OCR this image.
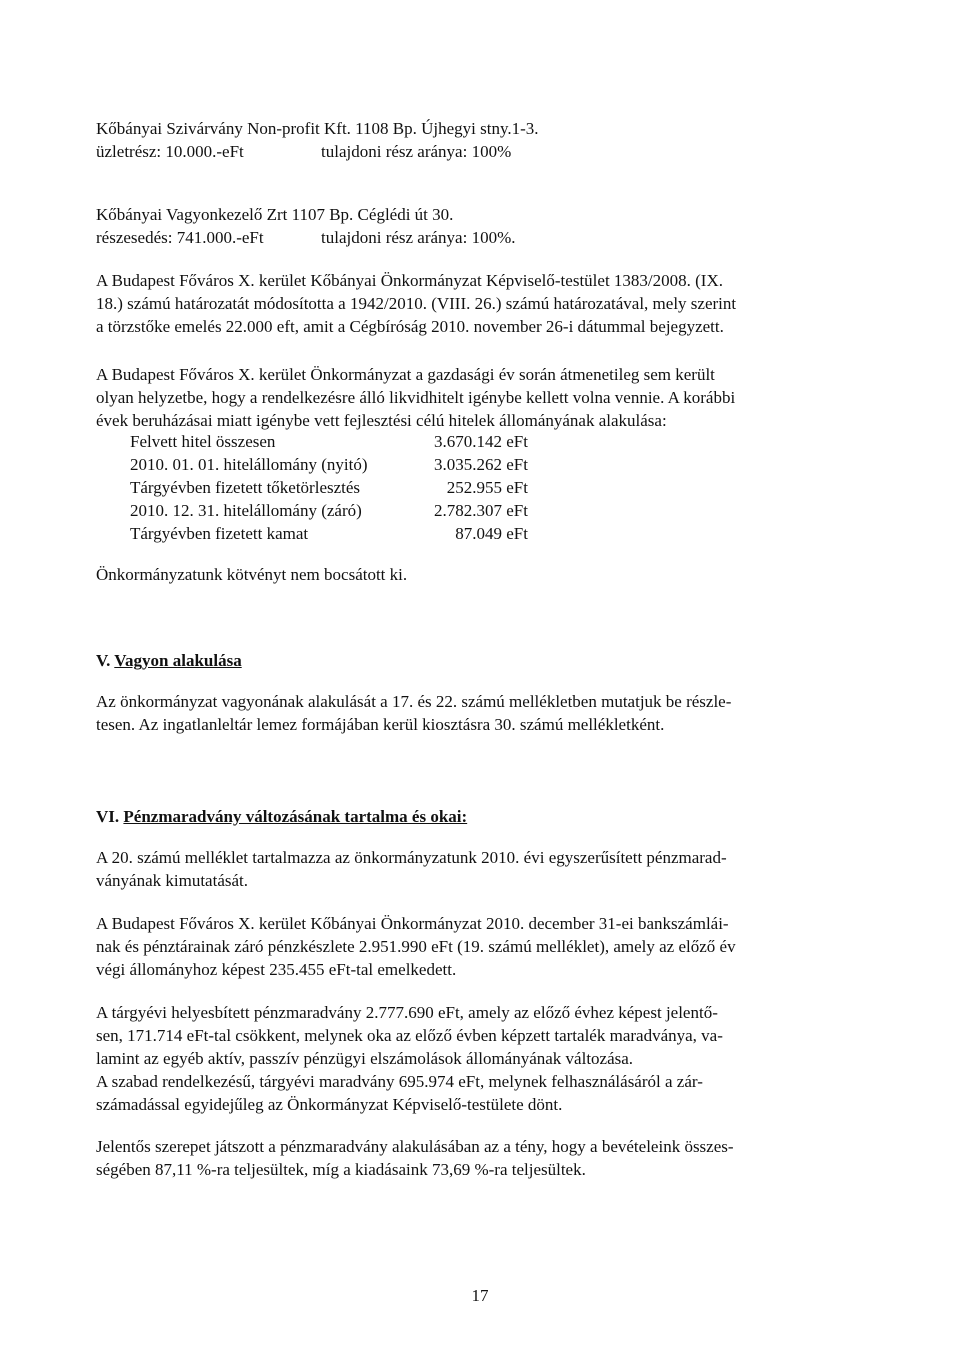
Kőbányai Szivárvány Non-profit Kft. 1108 Bp. Újhegyi stny.1-3.
üzletrész: 10.000.-eFt	tulajdoni rész aránya: 100%
Kőbányai Vagyonkezelő Zrt 1107 Bp. Céglédi út 30.
részesedés: 741.000.-eFt	tulajdoni rész aránya: 100%.
A Budapest Főváros X. kerület Kőbányai Önkormányzat Képviselő-testület 1383/2008. (IX.
18.) számú határozatát módosította a 1942/2010. (VIII. 26.) számú határozatával, mely szerint
a törzstőke emelés 22.000 eft, amit a Cégbíróság 2010. november 26-i dátummal bejegyzett.
A Budapest Főváros X. kerület Önkormányzat a gazdasági év során átmenetileg sem került
olyan helyzetbe, hogy a rendelkezésre álló likvidhitelt igénybe kellett volna vennie. A korábbi
évek beruházásai miatt igénybe vett fejlesztési célú hitelek állományának alakulása:
Felvett hitel összesen	3.670.142 eFt
2010. 01. 01. hitelállomány (nyitó)	3.035.262 eFt
Tárgyévben fizetett tőketörlesztés	252.955 eFt
2010. 12. 31. hitelállomány (záró)	2.782.307 eFt
Tárgyévben fizetett kamat	87.049 eFt
Önkormányzatunk kötvényt nem bocsátott ki.
V. Vagyon alakulása
Az önkormányzat vagyonának alakulását a 17. és 22. számú mellékletben mutatjuk be részle-
tesen. Az ingatlanleltár lemez formájában kerül kiosztásra 30. számú mellékletként.
VI. Pénzmaradvány változásának tartalma és okai:
A 20. számú melléklet tartalmazza az önkormányzatunk 2010. évi egyszerűsített pénzmarad-
ványának kimutatását.
A Budapest Főváros X. kerület Kőbányai Önkormányzat 2010. december 31-ei bankszámlái-
nak és pénztárainak záró pénzkészlete 2.951.990 eFt (19. számú melléklet), amely az előző év
végi állományhoz képest 235.455 eFt-tal emelkedett.
A tárgyévi helyesbített pénzmaradvány 2.777.690 eFt, amely az előző évhez képest jelentő-
sen, 171.714 eFt-tal csökkent, melynek oka az előző évben képzett tartalék maradványa, va-
lamint az egyéb aktív, passzív pénzügyi elszámolások állományának változása.
A szabad rendelkezésű, tárgyévi maradvány 695.974 eFt, melynek felhasználásáról a zár-
számadással egyidejűleg az Önkormányzat Képviselő-testülete dönt.
Jelentős szerepet játszott a pénzmaradvány alakulásában az a tény, hogy a bevételeink összes-
ségében 87,11 %-ra teljesültek, míg a kiadásaink 73,69 %-ra teljesültek.
17
